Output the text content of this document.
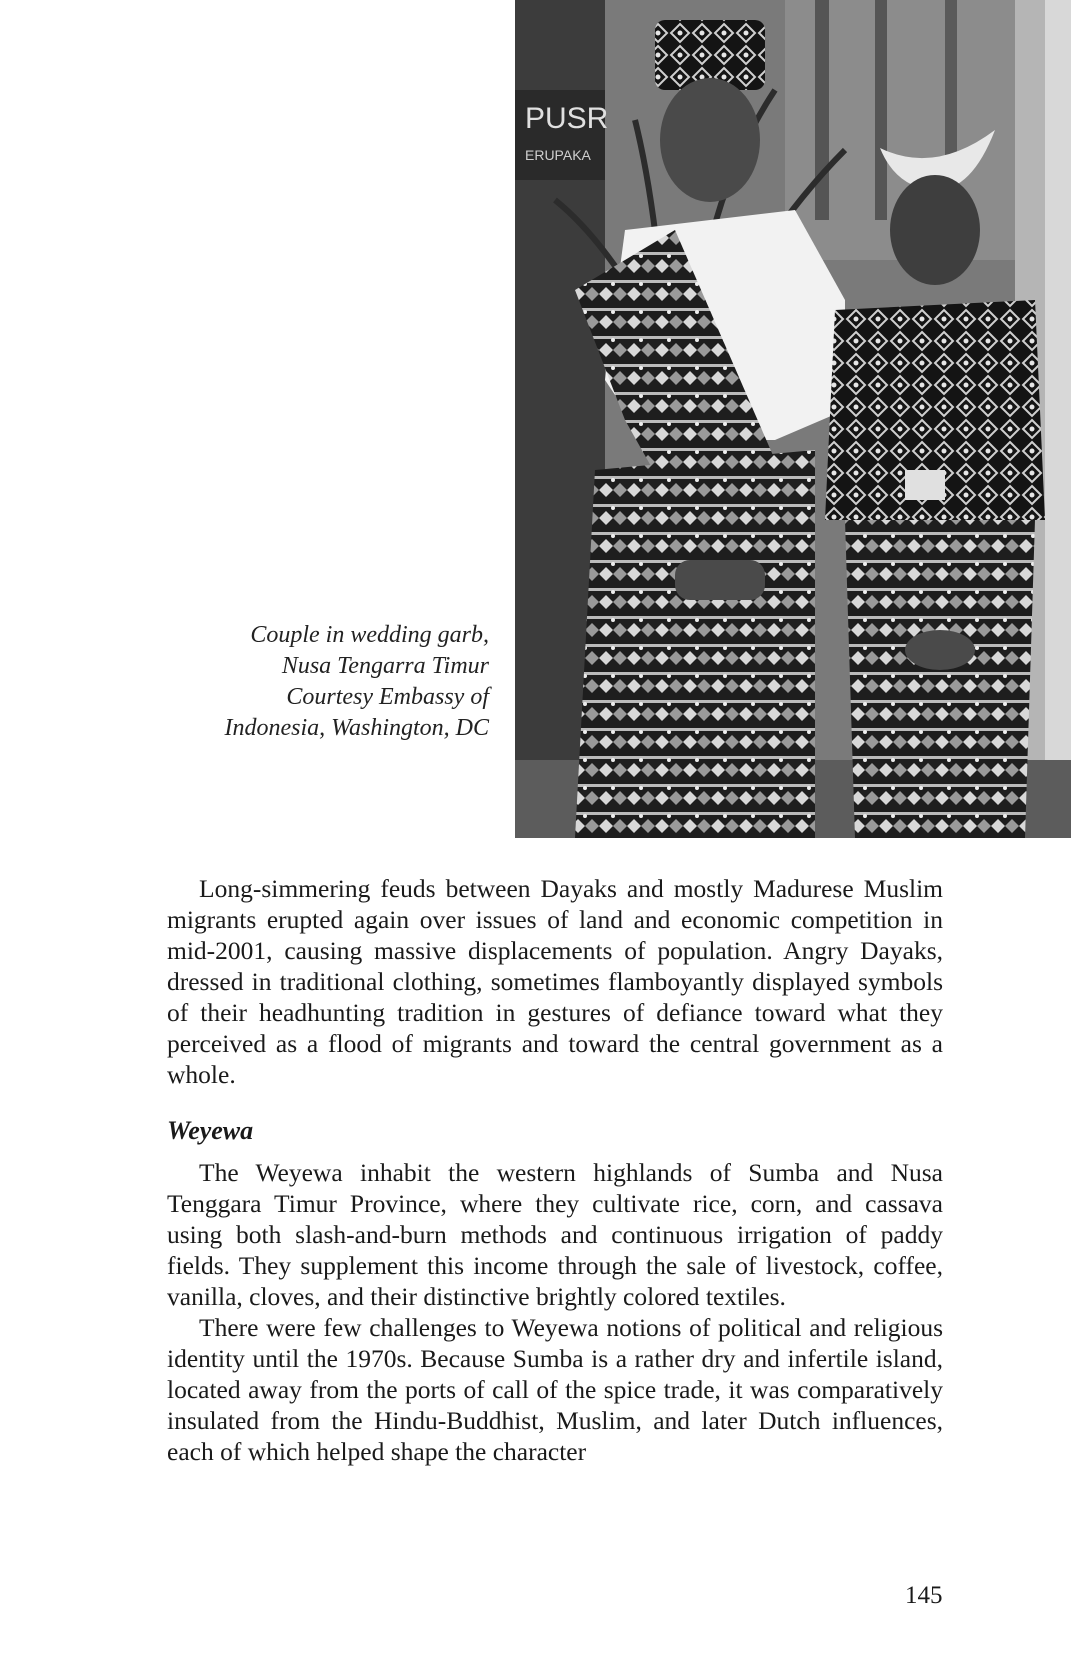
PUSR
ERUPAKA
Couple in wedding garb,
Nusa Tengarra Timur
Courtesy Embassy of
Indonesia, Washington, DC

Long-simmering feuds between Dayaks and mostly Madurese Muslim migrants erupted again over issues of land and economic competition in mid-2001, causing massive displacements of population. Angry Dayaks, dressed in traditional clothing, sometimes flamboyantly displayed symbols of their headhunting tradition in gestures of defiance toward what they perceived as a flood of migrants and toward the central government as a whole.

Weyewa

The Weyewa inhabit the western highlands of Sumba and Nusa Tenggara Timur Province, where they cultivate rice, corn, and cassava using both slash-and-burn methods and continuous irrigation of paddy fields. They supplement this income through the sale of livestock, coffee, vanilla, cloves, and their distinctive brightly colored textiles.

There were few challenges to Weyewa notions of political and religious identity until the 1970s. Because Sumba is a rather dry and infertile island, located away from the ports of call of the spice trade, it was comparatively insulated from the Hindu-Buddhist, Muslim, and later Dutch influences, each of which helped shape the character

145
